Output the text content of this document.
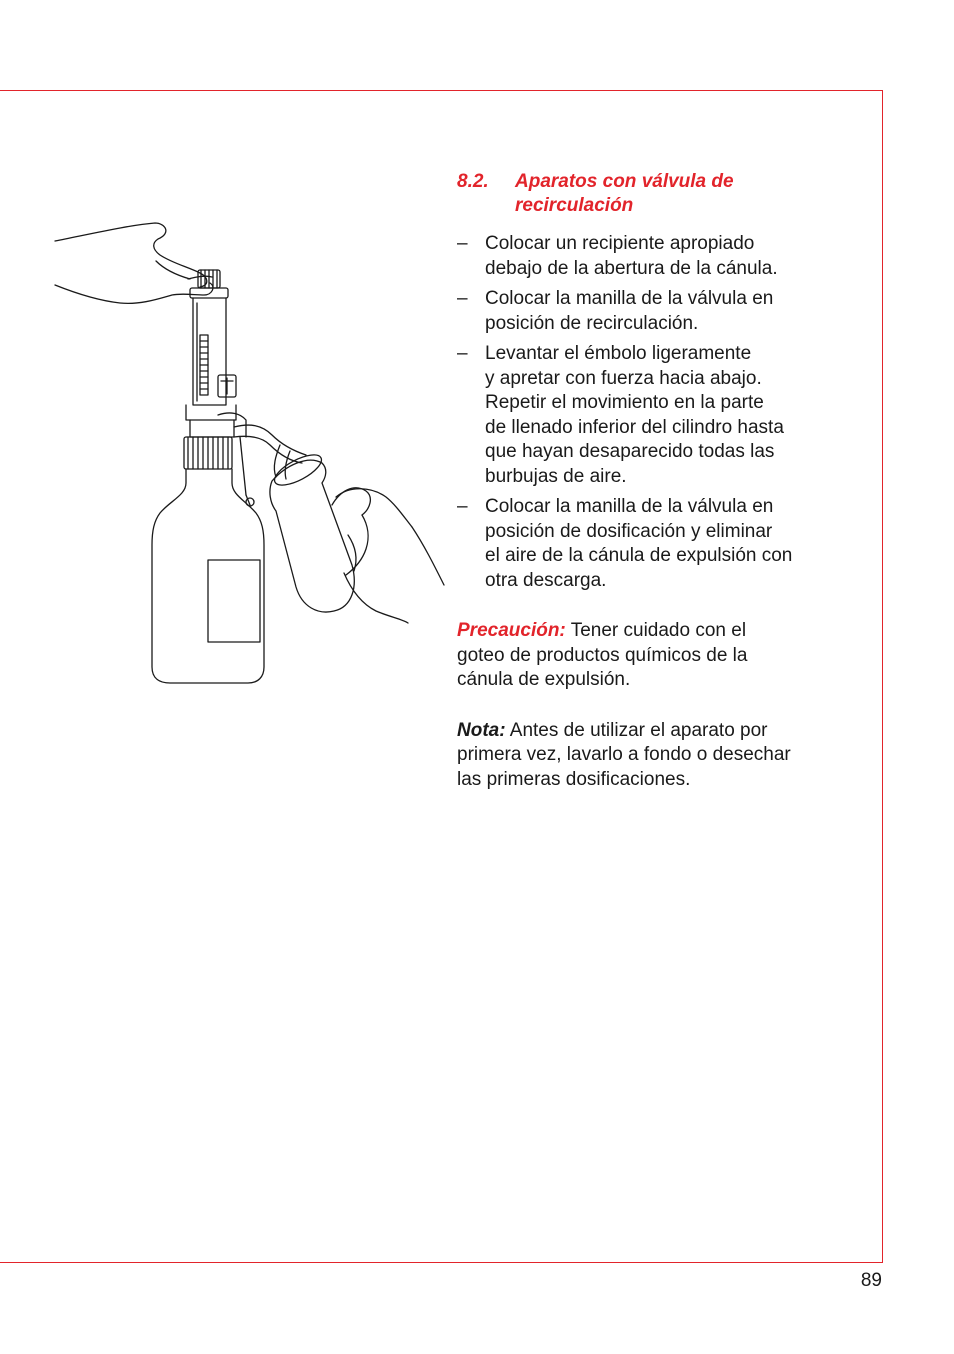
8.2.	Aparatos con válvula de
recirculación
– Colocar un recipiente apropiado
debajo de la abertura de la cánula.
– Colocar la manilla de la válvula en
posición de recirculación.
– Levantar el émbolo ligeramente
y apretar con fuerza hacia abajo.
Repetir el movimiento en la parte
de llenado inferior del cilindro hasta
que hayan desaparecido todas las
burbujas de aire.
– Colocar la manilla de la válvula en
posición de dosificación y eliminar
el aire de la cánula de expulsión con
otra descarga.
Precaución: Tener cuidado con el
goteo de productos químicos de la
cánula de expulsión.
Nota: Antes de utilizar el aparato por
primera vez, lavarlo a fondo o desechar
las primeras dosificaciones.
89
